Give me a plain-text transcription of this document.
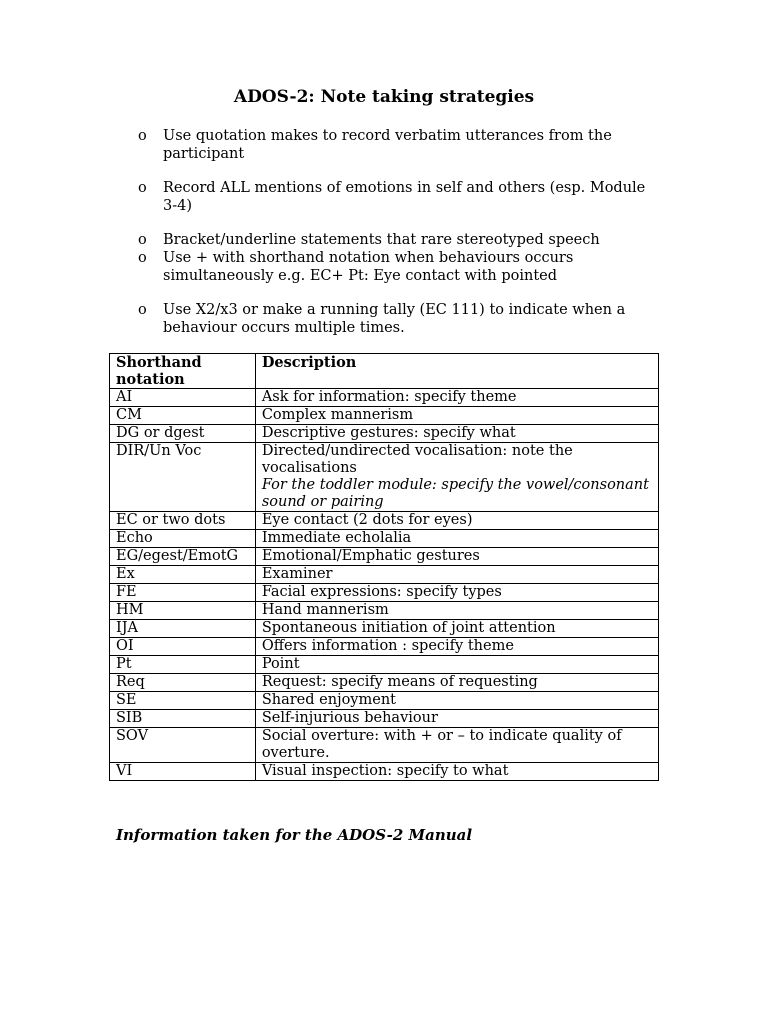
ADOS-2: Note taking strategies
o	Use quotation makes to record verbatim utterances from the participant
o	Record ALL mentions of emotions in self and others (esp. Module 3-4)
o	Bracket/underline statements that rare stereotyped speech
o	Use + with shorthand notation when behaviours occurs simultaneously e.g. EC+ Pt: Eye contact with pointed
o	Use X2/x3 or make a running tally (EC 111) to indicate when a behaviour occurs multiple times.
Shorthand notation	Description
AI	Ask for information: specify theme
CM	Complex mannerism
DG or dgest	Descriptive gestures: specify what
DIR/Un Voc	Directed/undirected vocalisation: note the vocalisations
For the toddler module: specify the vowel/consonant sound or pairing

EC or two dots	Eye contact (2 dots for eyes)
Echo	Immediate echolalia
EG/egest/EmotG	Emotional/Emphatic gestures
Ex	Examiner
FE	Facial expressions: specify types
HM	Hand mannerism
IJA	Spontaneous initiation of joint attention
OI	Offers information : specify theme
Pt	Point
Req	Request: specify means of requesting
SE	Shared enjoyment
SIB	Self-injurious behaviour
SOV	Social overture: with + or – to indicate quality of overture.
VI	Visual inspection: specify to what
Information taken for the ADOS-2 Manual
